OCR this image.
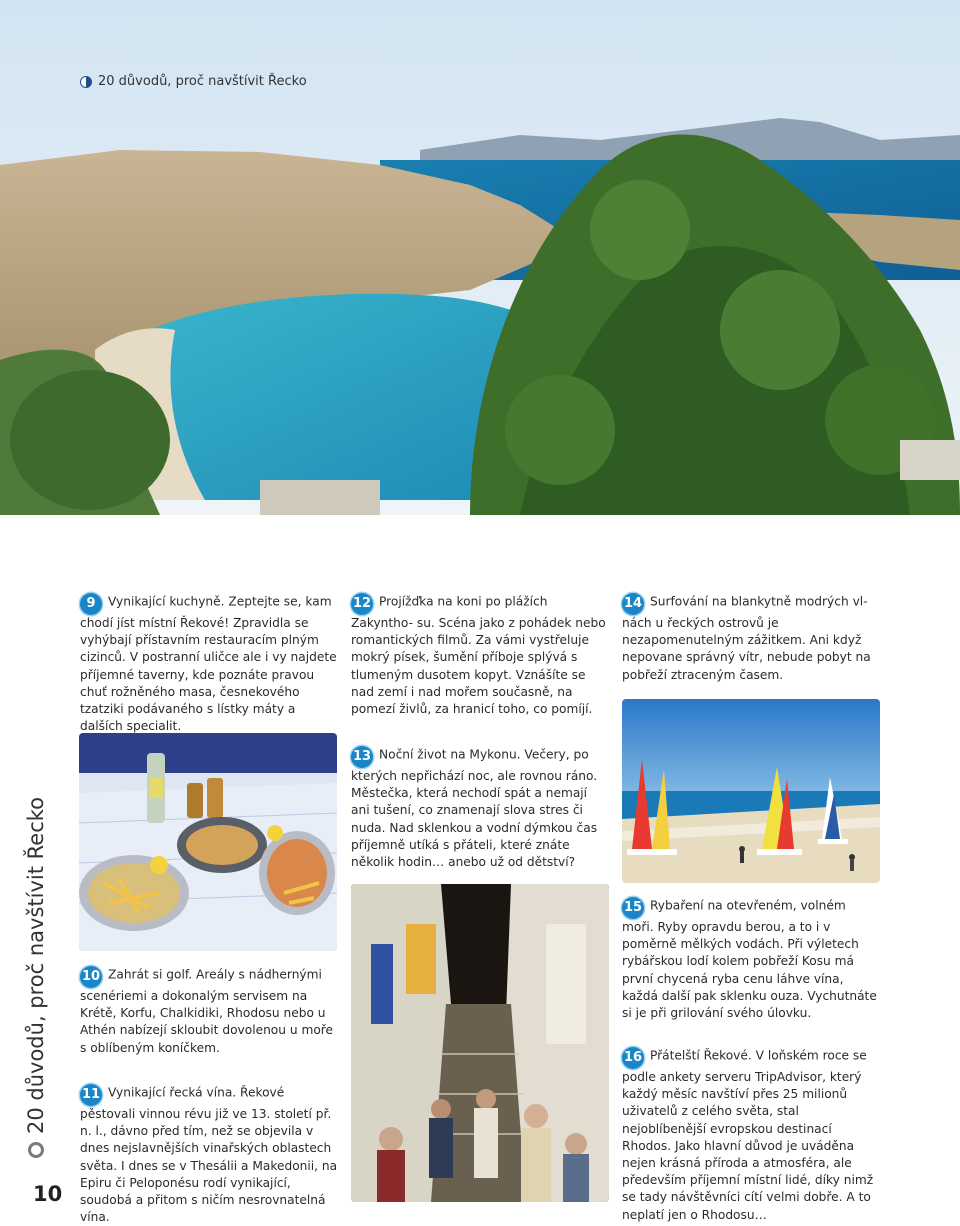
20 důvodů, proč navštívit Řecko

9 Vynikající kuchyně. Zeptejte se, kam chodí jíst místní Řekové! Zpravidla se vyhýbají přístavním restauracím plným cizinců. V postranní uličce ale i vy najdete příjemné taverny, kde poznáte pravou chuť rožněného masa, česnekového tzatziki podávaného s lístky máty a dalších specialit.

10 Zahrát si golf. Areály s nádhernými scenériemi a dokonalým servisem na Krétě, Korfu, Chalkidiki, Rhodosu nebo u Athén nabízejí skloubit dovolenou u moře s oblíbeným koníčkem.

11 Vynikající řecká vína. Řekové pěstovali vinnou révu již ve 13. století př. n. l., dávno před tím, než se objevila v dnes nejslavnějších vinařských oblastech světa. I dnes se v Thesálii a Makedonii, na Epiru či Peloponésu rodí vynikající, soudobá a přitom s ničím nesrovnatelná vína.

12 Projížďka na koni po plážích Zakyntho- su. Scéna jako z pohádek nebo romantických filmů. Za vámi vystřeluje mokrý písek, šumění příboje splývá s tlumeným dusotem kopyt. Vznášíte se nad zemí i nad mořem současně, na pomezí živlů, za hranicí toho, co pomíjí.

13 Noční život na Mykonu. Večery, po kterých nepřichází noc, ale rovnou ráno. Městečka, která nechodí spát a nemají ani tušení, co znamenají slova stres či nuda. Nad sklenkou a vodní dýmkou čas příjemně utíká s přáteli, které znáte několik hodin… anebo už od dětství?

14 Surfování na blankytně modrých vl- nách u řeckých ostrovů je nezapomenutelným zážitkem. Ani když nepovane správný vítr, nebude pobyt na pobřeží ztraceným časem.

15 Rybaření na otevřeném, volném moři. Ryby opravdu berou, a to i v poměrně mělkých vodách. Při výletech rybářskou lodí kolem pobřeží Kosu má první chycená ryba cenu láhve vína, každá další pak sklenku ouza. Vychutnáte si je při grilování svého úlovku.

16 Přátelští Řekové. V loňském roce se podle ankety serveru TripAdvisor, který každý měsíc navštíví přes 25 milionů uživatelů z celého světa, stal nejoblíbenější evropskou destinací Rhodos. Jako hlavní důvod je uváděna nejen krásná příroda a atmosféra, ale především příjemní místní lidé, díky nimž se tady návštěvníci cítí velmi dobře. A to neplatí jen o Rhodosu…

20 důvodů, proč navštívit Řecko
10
